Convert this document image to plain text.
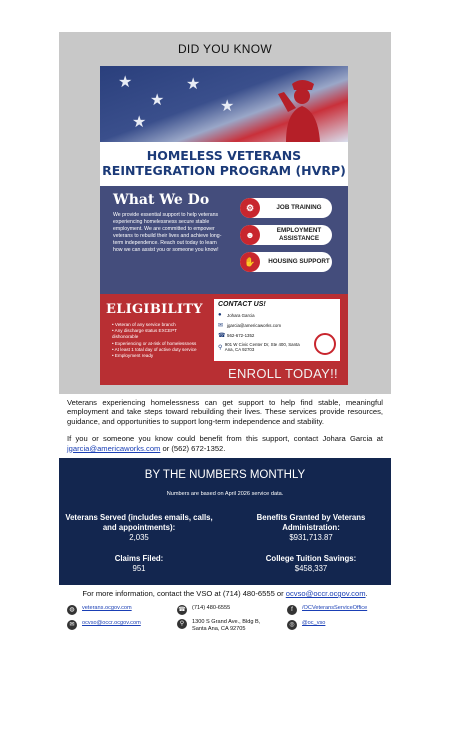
DID YOU KNOW
★
★
★
★
★
HOMELESS VETERANS
REINTEGRATION PROGRAM (HVRP)
What We Do

We provide essential support to help veterans experiencing homelessness secure stable employment. We are committed to empower veterans to rebuild their lives and achieve long-term independence. Reach out today to learn how we can assist you or someone you know!

⚙	JOB TRAINING
☻	EMPLOYMENT ASSISTANCE
✋	HOUSING SUPPORT
ELIGIBILITY
• Veteran of any service branch
• Any discharge status EXCEPT dishonorable
• Experiencing or at-risk of homelessness
• At least 1 total day of active duty service
• Employment ready
CONTACT US!
●	Johara Garcia
✉ jgarcia@americaworks.com
☎ 562-672-1352
⚲ 901 W Civic Center Dr, Ste 400, Santa Ana, CA 92703
ENROLL TODAY!!
Veterans experiencing homelessness can get support to help find stable, meaningful employment and take steps toward rebuilding their lives. These services provide resources, guidance, and opportunities to support long-term independence and stability.
If you or someone you know could benefit from this support, contact Johara Garcia at jgarcia@americaworks.com or (562) 672-1352.
BY THE NUMBERS MONTHLY
Numbers are based on April 2026 service data.
Veterans Served (includes emails, calls, and appointments):
2,035
Benefits Granted by Veterans Administration:
$931,713.87
Claims Filed:
951
College Tuition Savings:
$458,337
For more information, contact the VSO at (714) 480-6555 or ocvso@occr.ocgov.com.
◍	veterans.ocgov.com
✉	ocvso@occr.ocgov.com
☎ (714) 480-6555
⚲	1300 S Grand Ave., Bldg B, Santa Ana, CA 92705
f	/OCVeteransServiceOffice
◎	@oc_vso
